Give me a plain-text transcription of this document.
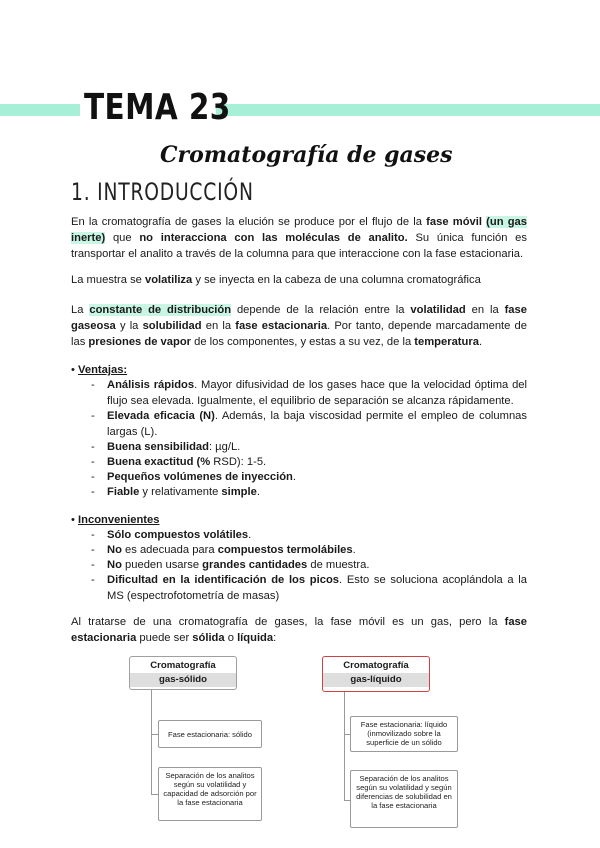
TEMA 23
Cromatografía de gases
1. INTRODUCCIÓN
En la cromatografía de gases la elución se produce por el flujo de la fase móvil (un gas inerte) que no interacciona con las moléculas de analito. Su única función es transportar el analito a través de la columna para que interaccione con la fase estacionaria.
La muestra se volatiliza y se inyecta en la cabeza de una columna cromatográfica
La constante de distribución depende de la relación entre la volatilidad en la fase gaseosa y la solubilidad en la fase estacionaria. Por tanto, depende marcadamente de las presiones de vapor de los componentes, y estas a su vez, de la temperatura.
• Ventajas:
- Análisis rápidos. Mayor difusividad de los gases hace que la velocidad óptima del flujo sea elevada. Igualmente, el equilibrio de separación se alcanza rápidamente.
- Elevada eficacia (N). Además, la baja viscosidad permite el empleo de columnas largas (L).
- Buena sensibilidad: µg/L.
- Buena exactitud (% RSD): 1-5.
- Pequeños volúmenes de inyección.
- Fiable y relativamente simple.
• Inconvenientes
- Sólo compuestos volátiles.
- No es adecuada para compuestos termolábiles.
- No pueden usarse grandes cantidades de muestra.
- Dificultad en la identificación de los picos. Esto se soluciona acoplándola a la MS (espectrofotometría de masas)
Al tratarse de una cromatografía de gases, la fase móvil es un gas, pero la fase estacionaria puede ser sólida o líquida:
Cromatografía
gas-sólido
Fase estacionaria: sólido
Separación de los analitos según su volatilidad y capacidad de adsorción por la fase estacionaria
Cromatografía
gas-líquido
Fase estacionaria: líquido
(inmovilizado sobre la superficie de un sólido
Separación de los analitos según su volatilidad y según diferencias de solubilidad en la fase estacionaria
